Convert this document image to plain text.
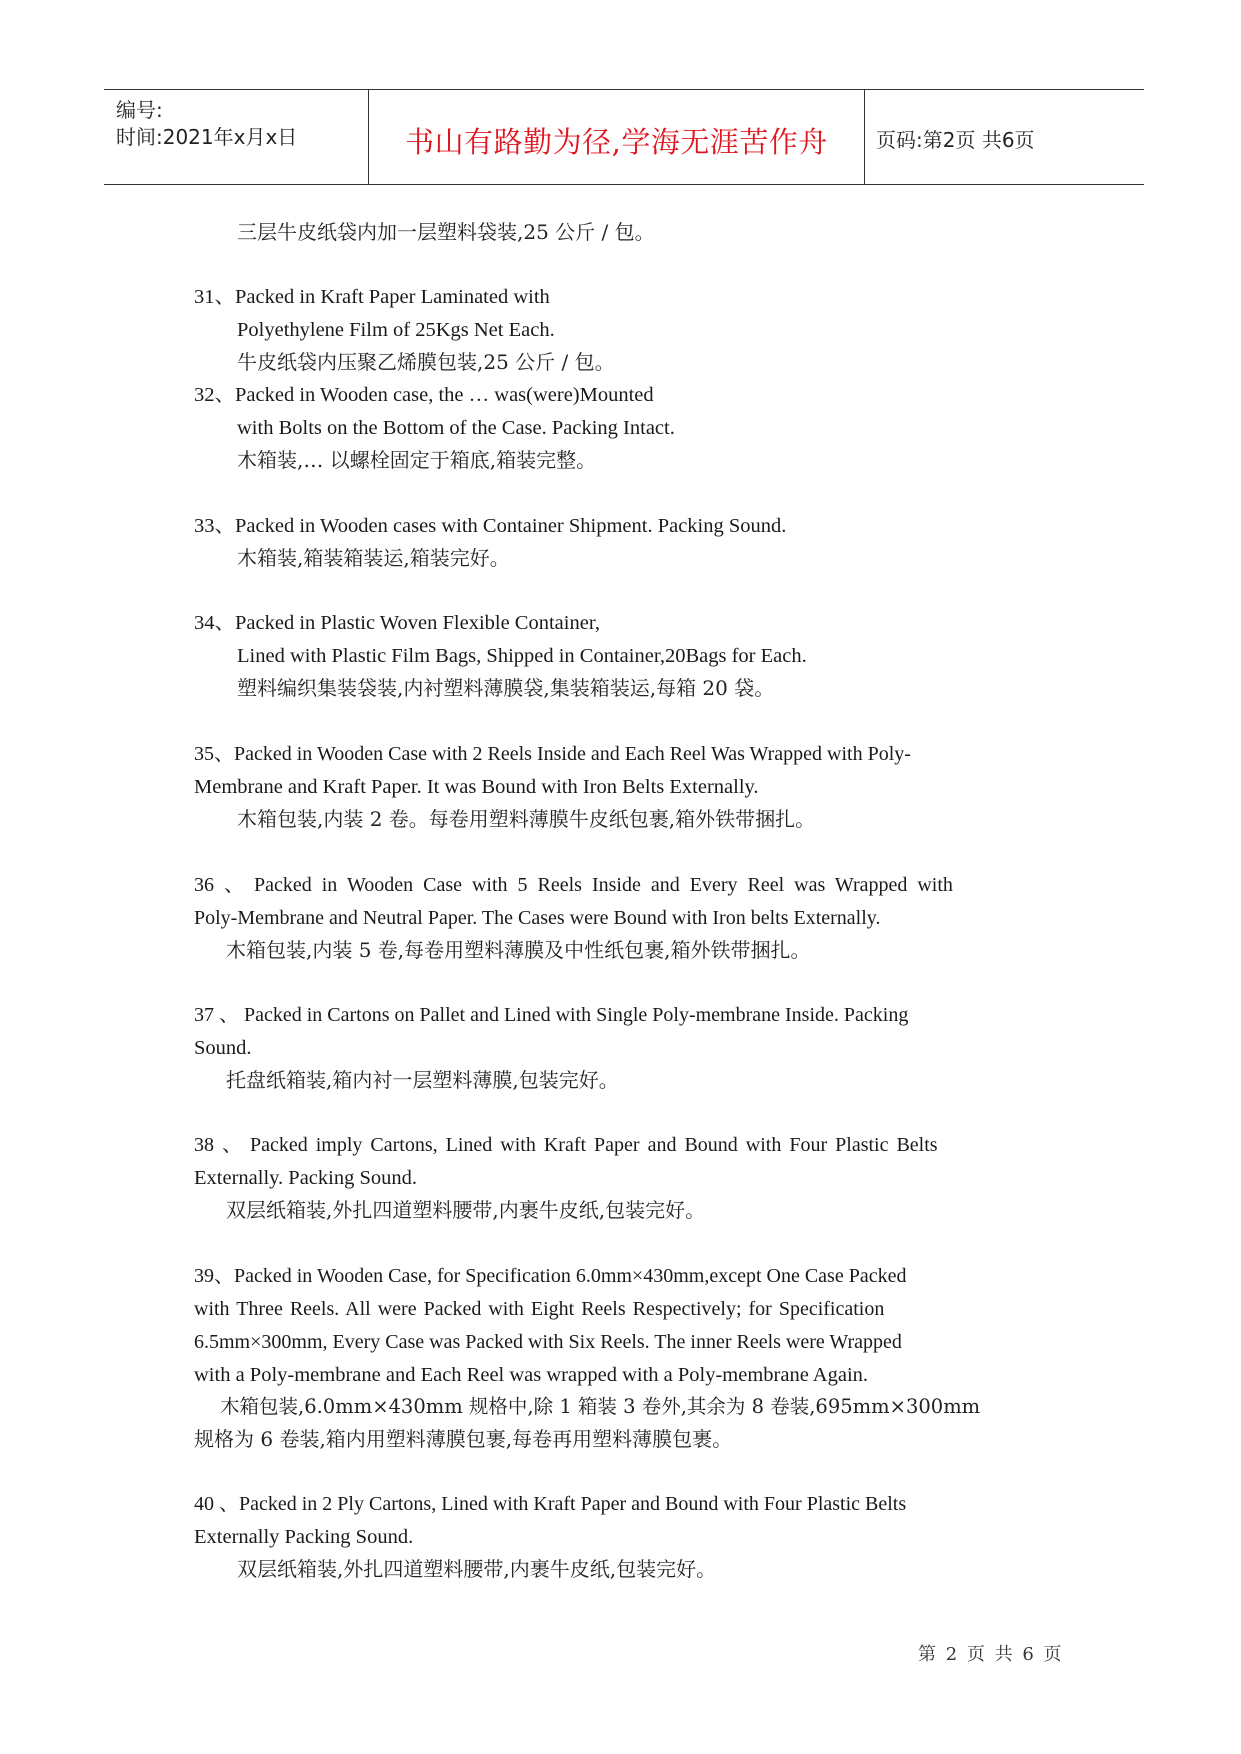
编号:
时间:2021年x月x日	书山有路勤为径,学海无涯苦作舟	页码:第2页 共6页
三层牛皮纸袋内加一层塑料袋装,25 公斤 / 包。
31、Packed in Kraft Paper Laminated with
Polyethylene Film of 25Kgs Net Each.
牛皮纸袋内压聚乙烯膜包装,25 公斤 / 包。
32、Packed in Wooden case, the … was(were)Mounted
with Bolts on the Bottom of the Case. Packing Intact.
木箱装,… 以螺栓固定于箱底,箱装完整。
33、Packed in Wooden cases with Container Shipment. Packing Sound.
木箱装,箱装箱装运,箱装完好。
34、Packed in Plastic Woven Flexible Container,
Lined with Plastic Film Bags, Shipped in Container,20Bags for Each.
塑料编织集装袋装,内衬塑料薄膜袋,集装箱装运,每箱 20 袋。
35、Packed in Wooden Case with 2 Reels Inside and Each Reel Was Wrapped with Poly-
Membrane and Kraft Paper. It was Bound with Iron Belts Externally.
木箱包装,内装 2 卷。每卷用塑料薄膜牛皮纸包裹,箱外铁带捆扎。
36 、 Packed in Wooden Case with 5 Reels Inside and Every Reel was Wrapped with
Poly-Membrane and Neutral Paper. The Cases were Bound with Iron belts Externally.
木箱包装,内装 5 卷,每卷用塑料薄膜及中性纸包裹,箱外铁带捆扎。
37 、 Packed in Cartons on Pallet and Lined with Single Poly-membrane Inside. Packing
Sound.
托盘纸箱装,箱内衬一层塑料薄膜,包装完好。
38 、 Packed imply Cartons, Lined with Kraft Paper and Bound with Four Plastic Belts
Externally. Packing Sound.
双层纸箱装,外扎四道塑料腰带,内裹牛皮纸,包装完好。
39、Packed in Wooden Case, for Specification 6.0mm×430mm,except One Case Packed
with Three Reels. All were Packed with Eight Reels Respectively; for Specification
6.5mm×300mm, Every Case was Packed with Six Reels. The inner Reels were Wrapped
with a Poly-membrane and Each Reel was wrapped with a Poly-membrane Again.
木箱包装,6.0mm×430mm 规格中,除 1 箱装 3 卷外,其余为 8 卷装,695mm×300mm
规格为 6 卷装,箱内用塑料薄膜包裹,每卷再用塑料薄膜包裹。
40 、Packed in 2 Ply Cartons, Lined with Kraft Paper and Bound with Four Plastic Belts
Externally Packing Sound.
双层纸箱装,外扎四道塑料腰带,内裹牛皮纸,包装完好。
第 2 页 共 6 页
